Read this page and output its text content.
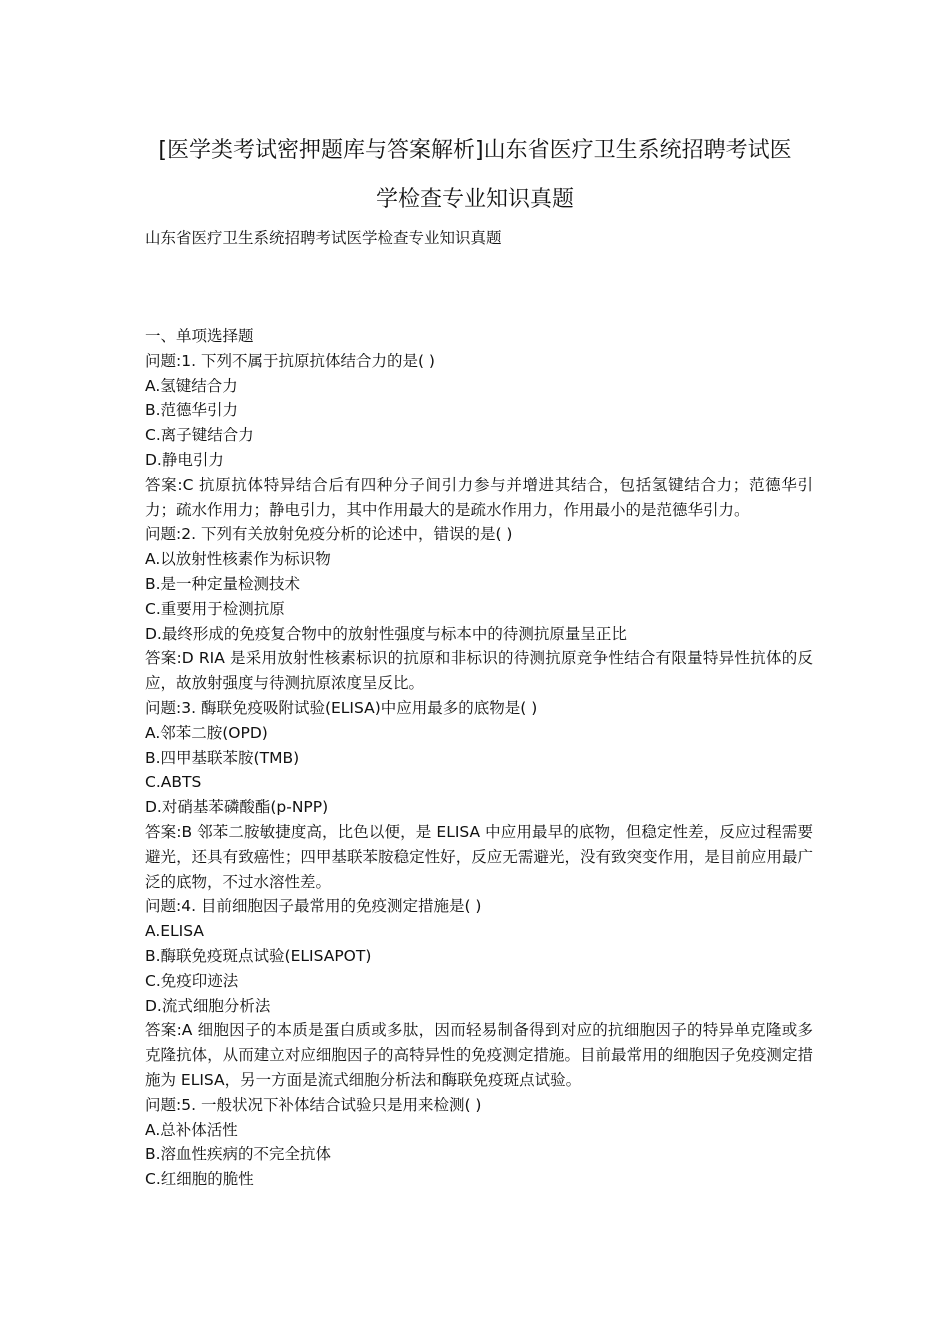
[医学类考试密押题库与答案解析]山东省医疗卫生系统招聘考试医
学检查专业知识真题
山东省医疗卫生系统招聘考试医学检查专业知识真题
一、单项选择题
问题:1. 下列不属于抗原抗体结合力的是( )
A.氢键结合力
B.范德华引力
C.离子键结合力
D.静电引力
答案:C 抗原抗体特异结合后有四种分子间引力参与并增进其结合，包括氢键结合力；范德华引力；疏水作用力；静电引力，其中作用最大的是疏水作用力，作用最小的是范德华引力。
问题:2. 下列有关放射免疫分析的论述中，错误的是( )
A.以放射性核素作为标识物
B.是一种定量检测技术
C.重要用于检测抗原
D.最终形成的免疫复合物中的放射性强度与标本中的待测抗原量呈正比
答案:D RIA 是采用放射性核素标识的抗原和非标识的待测抗原竞争性结合有限量特异性抗体的反应，故放射强度与待测抗原浓度呈反比。
问题:3. 酶联免疫吸附试验(ELISA)中应用最多的底物是( )
A.邻苯二胺(OPD)
B.四甲基联苯胺(TMB)
C.ABTS
D.对硝基苯磷酸酯(p-NPP)
答案:B 邻苯二胺敏捷度高，比色以便，是 ELISA 中应用最早的底物，但稳定性差，反应过程需要避光，还具有致癌性；四甲基联苯胺稳定性好，反应无需避光，没有致突变作用，是目前应用最广泛的底物，不过水溶性差。
问题:4. 目前细胞因子最常用的免疫测定措施是( )
A.ELISA
B.酶联免疫斑点试验(ELISAPOT)
C.免疫印迹法
D.流式细胞分析法
答案:A 细胞因子的本质是蛋白质或多肽，因而轻易制备得到对应的抗细胞因子的特异单克隆或多克隆抗体，从而建立对应细胞因子的高特异性的免疫测定措施。目前最常用的细胞因子免疫测定措施为 ELISA，另一方面是流式细胞分析法和酶联免疫斑点试验。
问题:5. 一般状况下补体结合试验只是用来检测( )
A.总补体活性
B.溶血性疾病的不完全抗体
C.红细胞的脆性
